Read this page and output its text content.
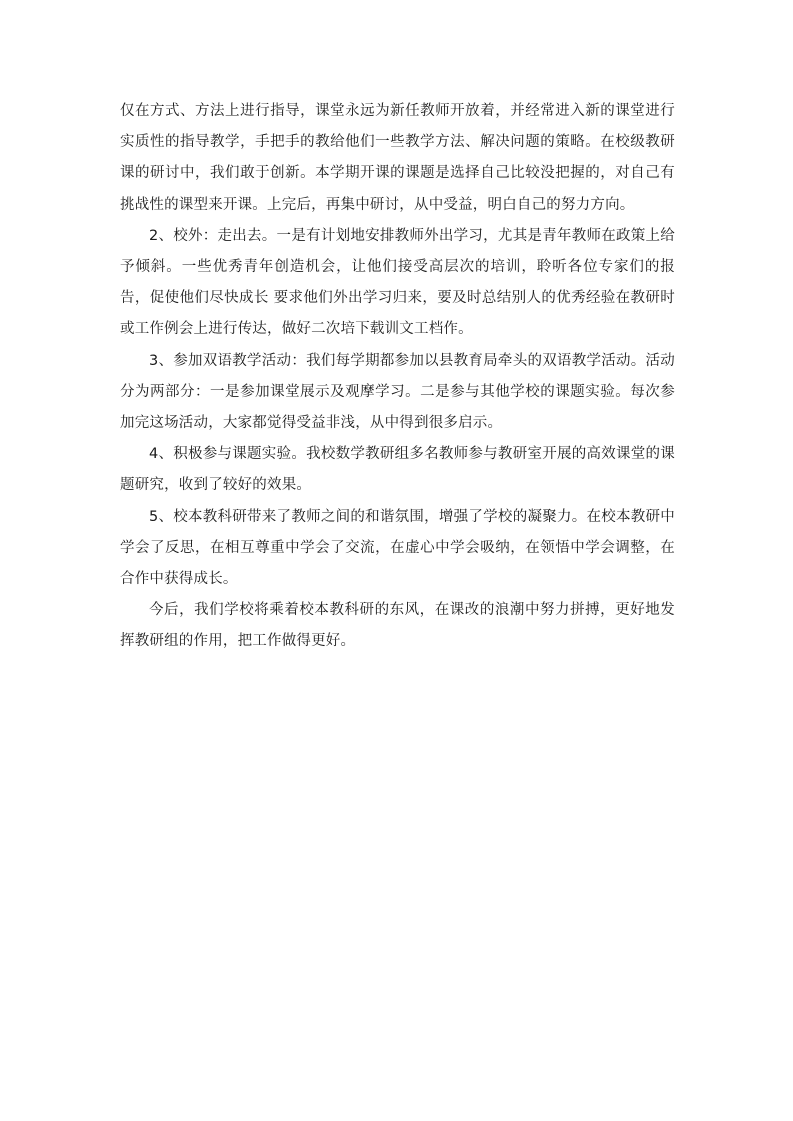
仅在方式、方法上进行指导，课堂永远为新任教师开放着，并经常进入新的课堂进行实质性的指导教学，手把手的教给他们一些教学方法、解决问题的策略。在校级教研课的研讨中，我们敢于创新。本学期开课的课题是选择自己比较没把握的，对自己有挑战性的课型来开课。上完后，再集中研讨，从中受益，明白自己的努力方向。

2、校外：走出去。一是有计划地安排教师外出学习，尤其是青年教师在政策上给予倾斜。一些优秀青年创造机会，让他们接受高层次的培训，聆听各位专家们的报告，促使他们尽快成长 要求他们外出学习归来，要及时总结别人的优秀经验在教研时或工作例会上进行传达，做好二次培下载训文工档作。

3、参加双语教学活动：我们每学期都参加以县教育局牵头的双语教学活动。活动分为两部分：一是参加课堂展示及观摩学习。二是参与其他学校的课题实验。每次参加完这场活动，大家都觉得受益非浅，从中得到很多启示。

4、积极参与课题实验。我校数学教研组多名教师参与教研室开展的高效课堂的课题研究，收到了较好的效果。

5、校本教科研带来了教师之间的和谐氛围，增强了学校的凝聚力。在校本教研中学会了反思，在相互尊重中学会了交流，在虚心中学会吸纳，在领悟中学会调整，在合作中获得成长。

今后，我们学校将乘着校本教科研的东风，在课改的浪潮中努力拼搏，更好地发挥教研组的作用，把工作做得更好。
